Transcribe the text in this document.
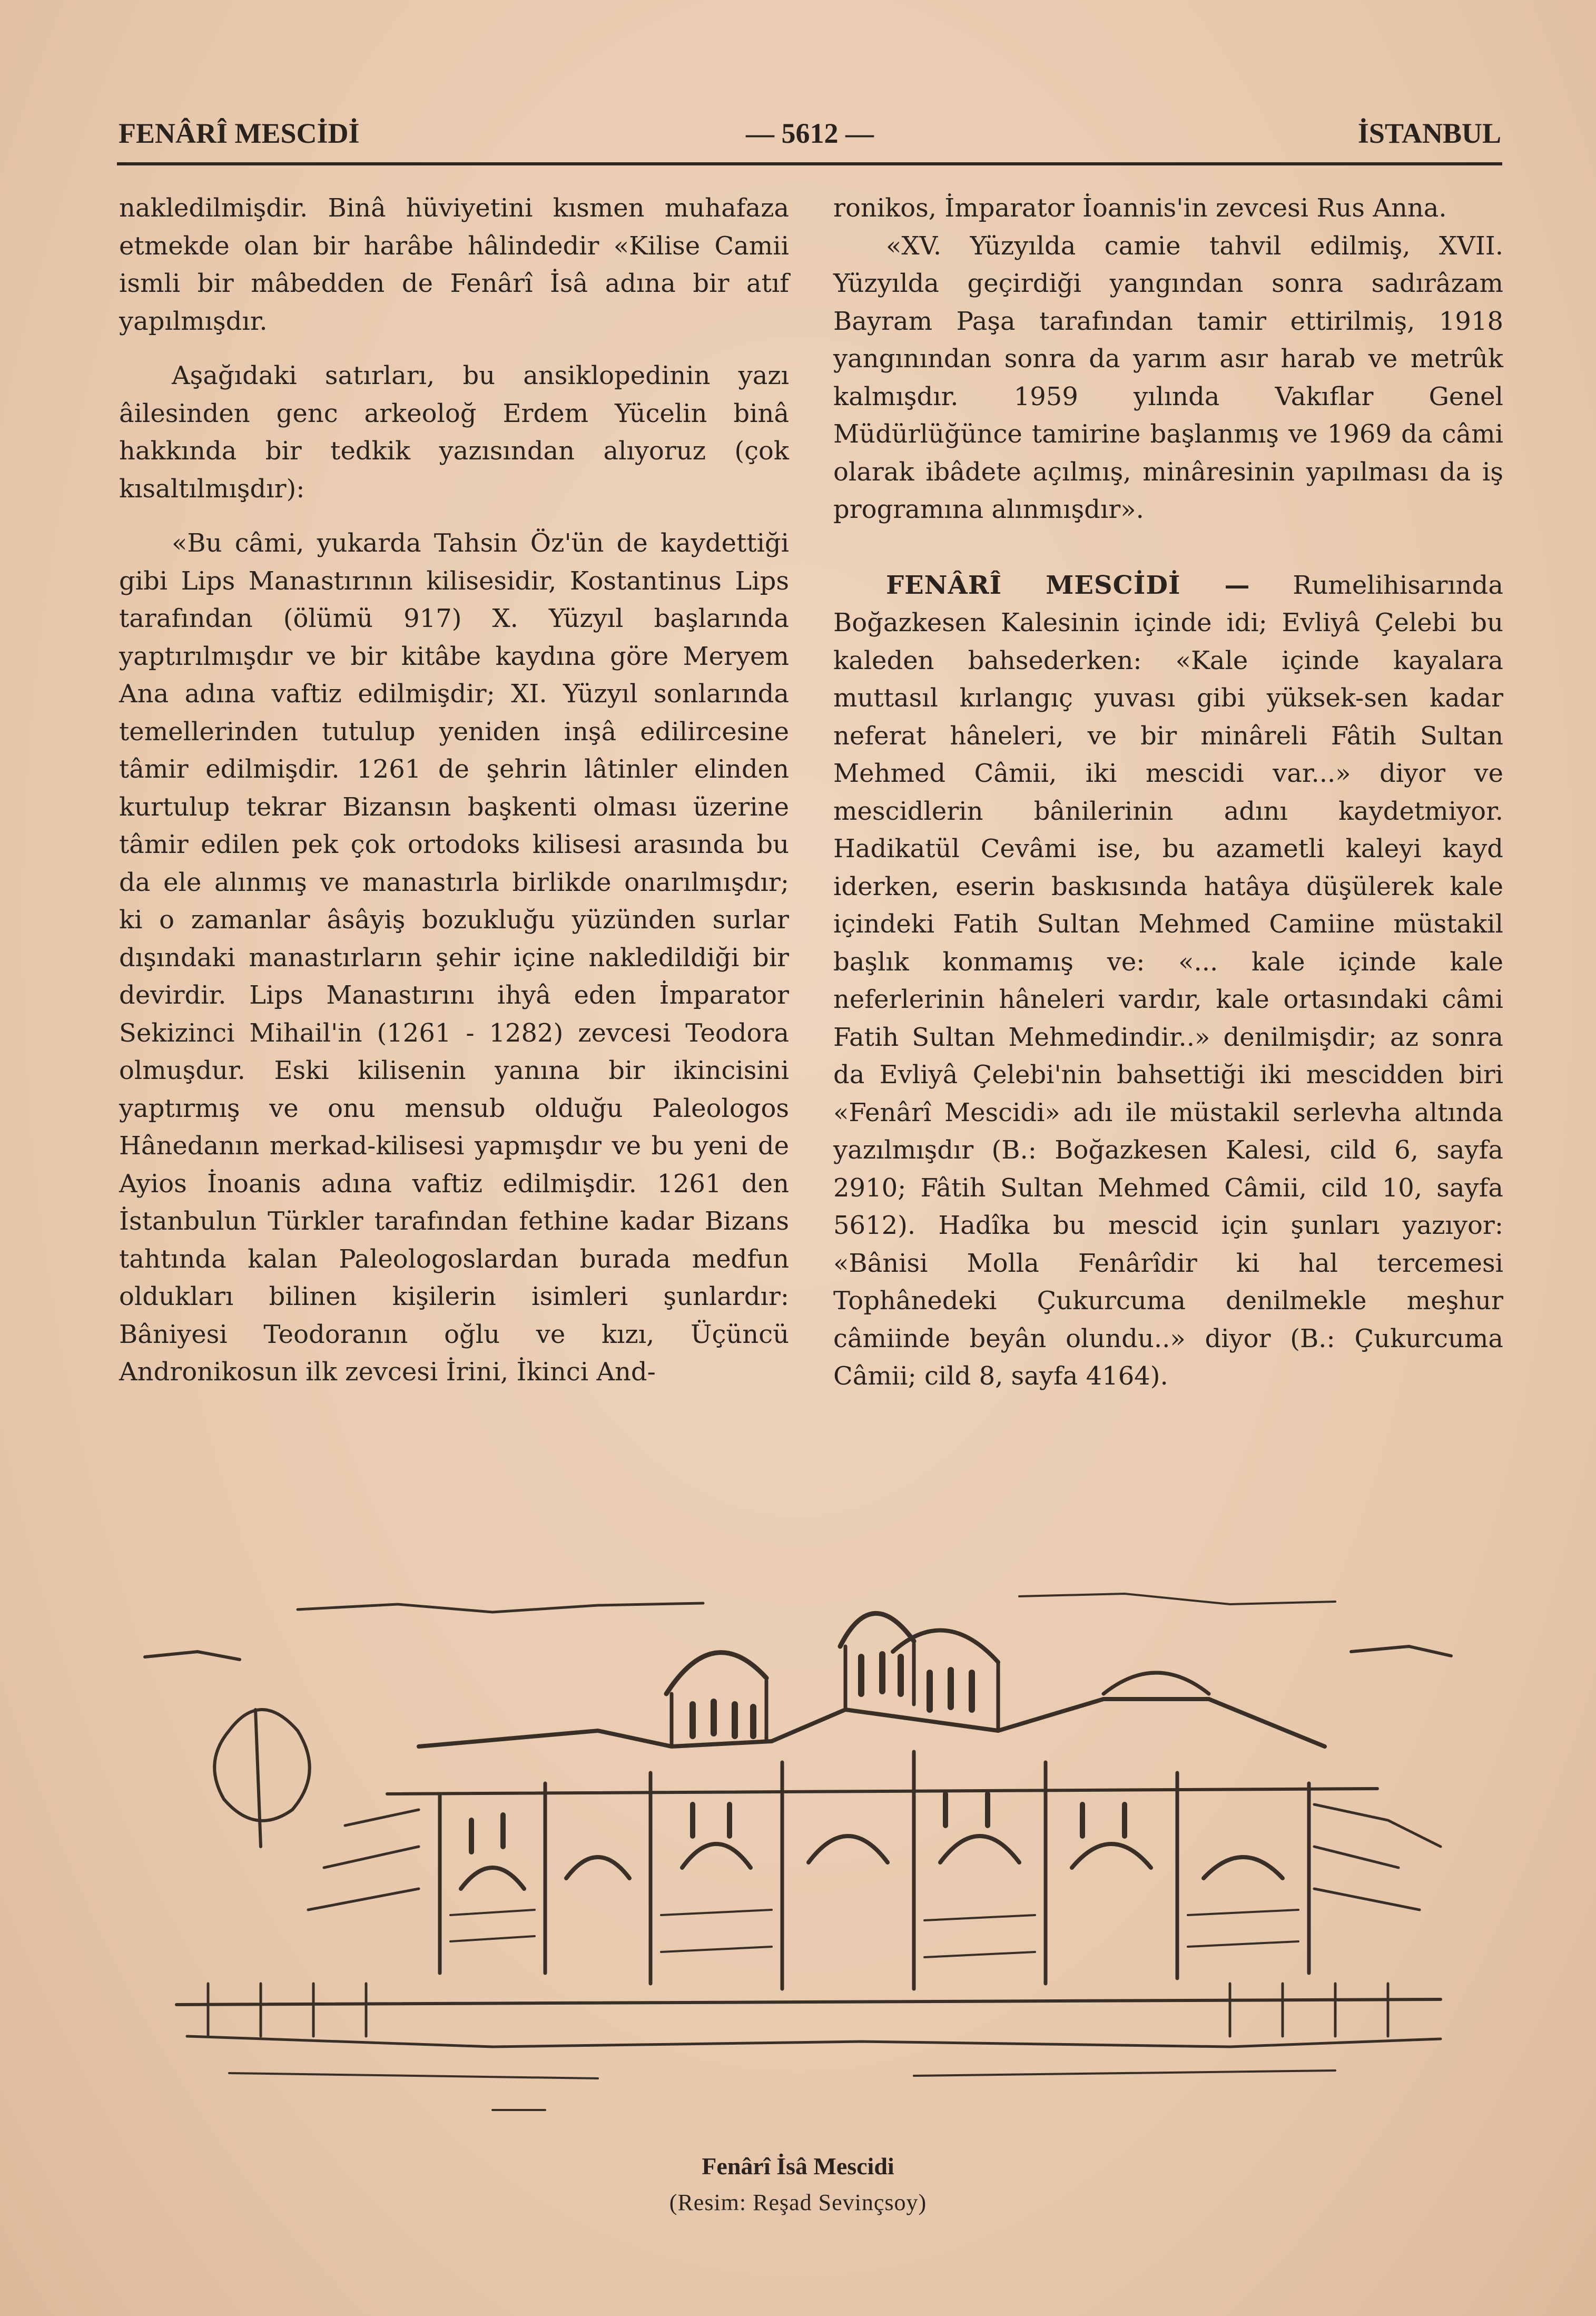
FENÂRÎ MESCİDİ	— 5612 —	İSTANBUL

nakledilmişdir. Binâ hüviyetini kısmen muhafaza etmekde olan bir harâbe hâlindedir «Kilise Camii ismli bir mâbedden de Fenârî İsâ adına bir atıf yapılmışdır.

Aşağıdaki satırları, bu ansiklopedinin yazı âilesinden genc arkeoloğ Erdem Yücelin binâ hakkında bir tedkik yazısından alıyoruz (çok kısaltılmışdır):

«Bu câmi, yukarda Tahsin Öz'ün de kaydettiği gibi Lips Manastırının kilisesidir, Kostantinus Lips tarafından (ölümü 917) X. Yüzyıl başlarında yaptırılmışdır ve bir kitâbe kaydına göre Meryem Ana adına vaftiz edilmişdir; XI. Yüzyıl sonlarında temellerinden tutulup yeniden inşâ edilircesine tâmir edilmişdir. 1261 de şehrin lâtinler elinden kurtulup tekrar Bizansın başkenti olması üzerine tâmir edilen pek çok ortodoks kilisesi arasında bu da ele alınmış ve manastırla birlikde onarılmışdır; ki o zamanlar âsâyiş bozukluğu yüzünden surlar dışındaki manastırların şehir içine nakledildiği bir devirdir. Lips Manastırını ihyâ eden İmparator Sekizinci Mihail'in (1261 - 1282) zevcesi Teodora olmuşdur. Eski kilisenin yanına bir ikincisini yaptırmış ve onu mensub olduğu Paleologos Hânedanın merkad-kilisesi yapmışdır ve bu yeni de Ayios İnoanis adına vaftiz edilmişdir. 1261 den İstanbulun Türkler tarafından fethine kadar Bizans tahtında kalan Paleologoslardan burada medfun oldukları bilinen kişilerin isimleri şunlardır: Bâniyesi Teodoranın oğlu ve kızı, Üçüncü Andronikosun ilk zevcesi İrini, İkinci And-

ronikos, İmparator İoannis'in zevcesi Rus Anna.

«XV. Yüzyılda camie tahvil edilmiş, XVII. Yüzyılda geçirdiği yangından sonra sadırâzam Bayram Paşa tarafından tamir ettirilmiş, 1918 yangınından sonra da yarım asır harab ve metrûk kalmışdır. 1959 yılında Vakıflar Genel Müdürlüğünce tamirine başlanmış ve 1969 da câmi olarak ibâdete açılmış, minâresinin yapılması da iş programına alınmışdır».

FENÂRÎ MESCİDİ — Rumelihisarında Boğazkesen Kalesinin içinde idi; Evliyâ Çelebi bu kaleden bahsederken: «Kale içinde kayalara muttasıl kırlangıç yuvası gibi yüksek-sen kadar neferat hâneleri, ve bir minâreli Fâtih Sultan Mehmed Câmii, iki mescidi var...» diyor ve mescidlerin bânilerinin adını kaydetmiyor. Hadikatül Cevâmi ise, bu azametli kaleyi kayd iderken, eserin baskısında hatâya düşülerek kale içindeki Fatih Sultan Mehmed Camiine müstakil başlık konmamış ve: «... kale içinde kale neferlerinin hâneleri vardır, kale ortasındaki câmi Fatih Sultan Mehmedindir..» denilmişdir; az sonra da Evliyâ Çelebi'nin bahsettiği iki mescidden biri «Fenârî Mescidi» adı ile müstakil serlevha altında yazılmışdır (B.: Boğazkesen Kalesi, cild 6, sayfa 2910; Fâtih Sultan Mehmed Câmii, cild 10, sayfa 5612). Hadîka bu mescid için şunları yazıyor: «Bânisi Molla Fenârîdir ki hal tercemesi Tophânedeki Çukurcuma denilmekle meşhur câmiinde beyân olundu..» diyor (B.: Çukurcuma Câmii; cild 8, sayfa 4164).

Fenârî İsâ Mescidi
(Resim: Reşad Sevinçsoy)
